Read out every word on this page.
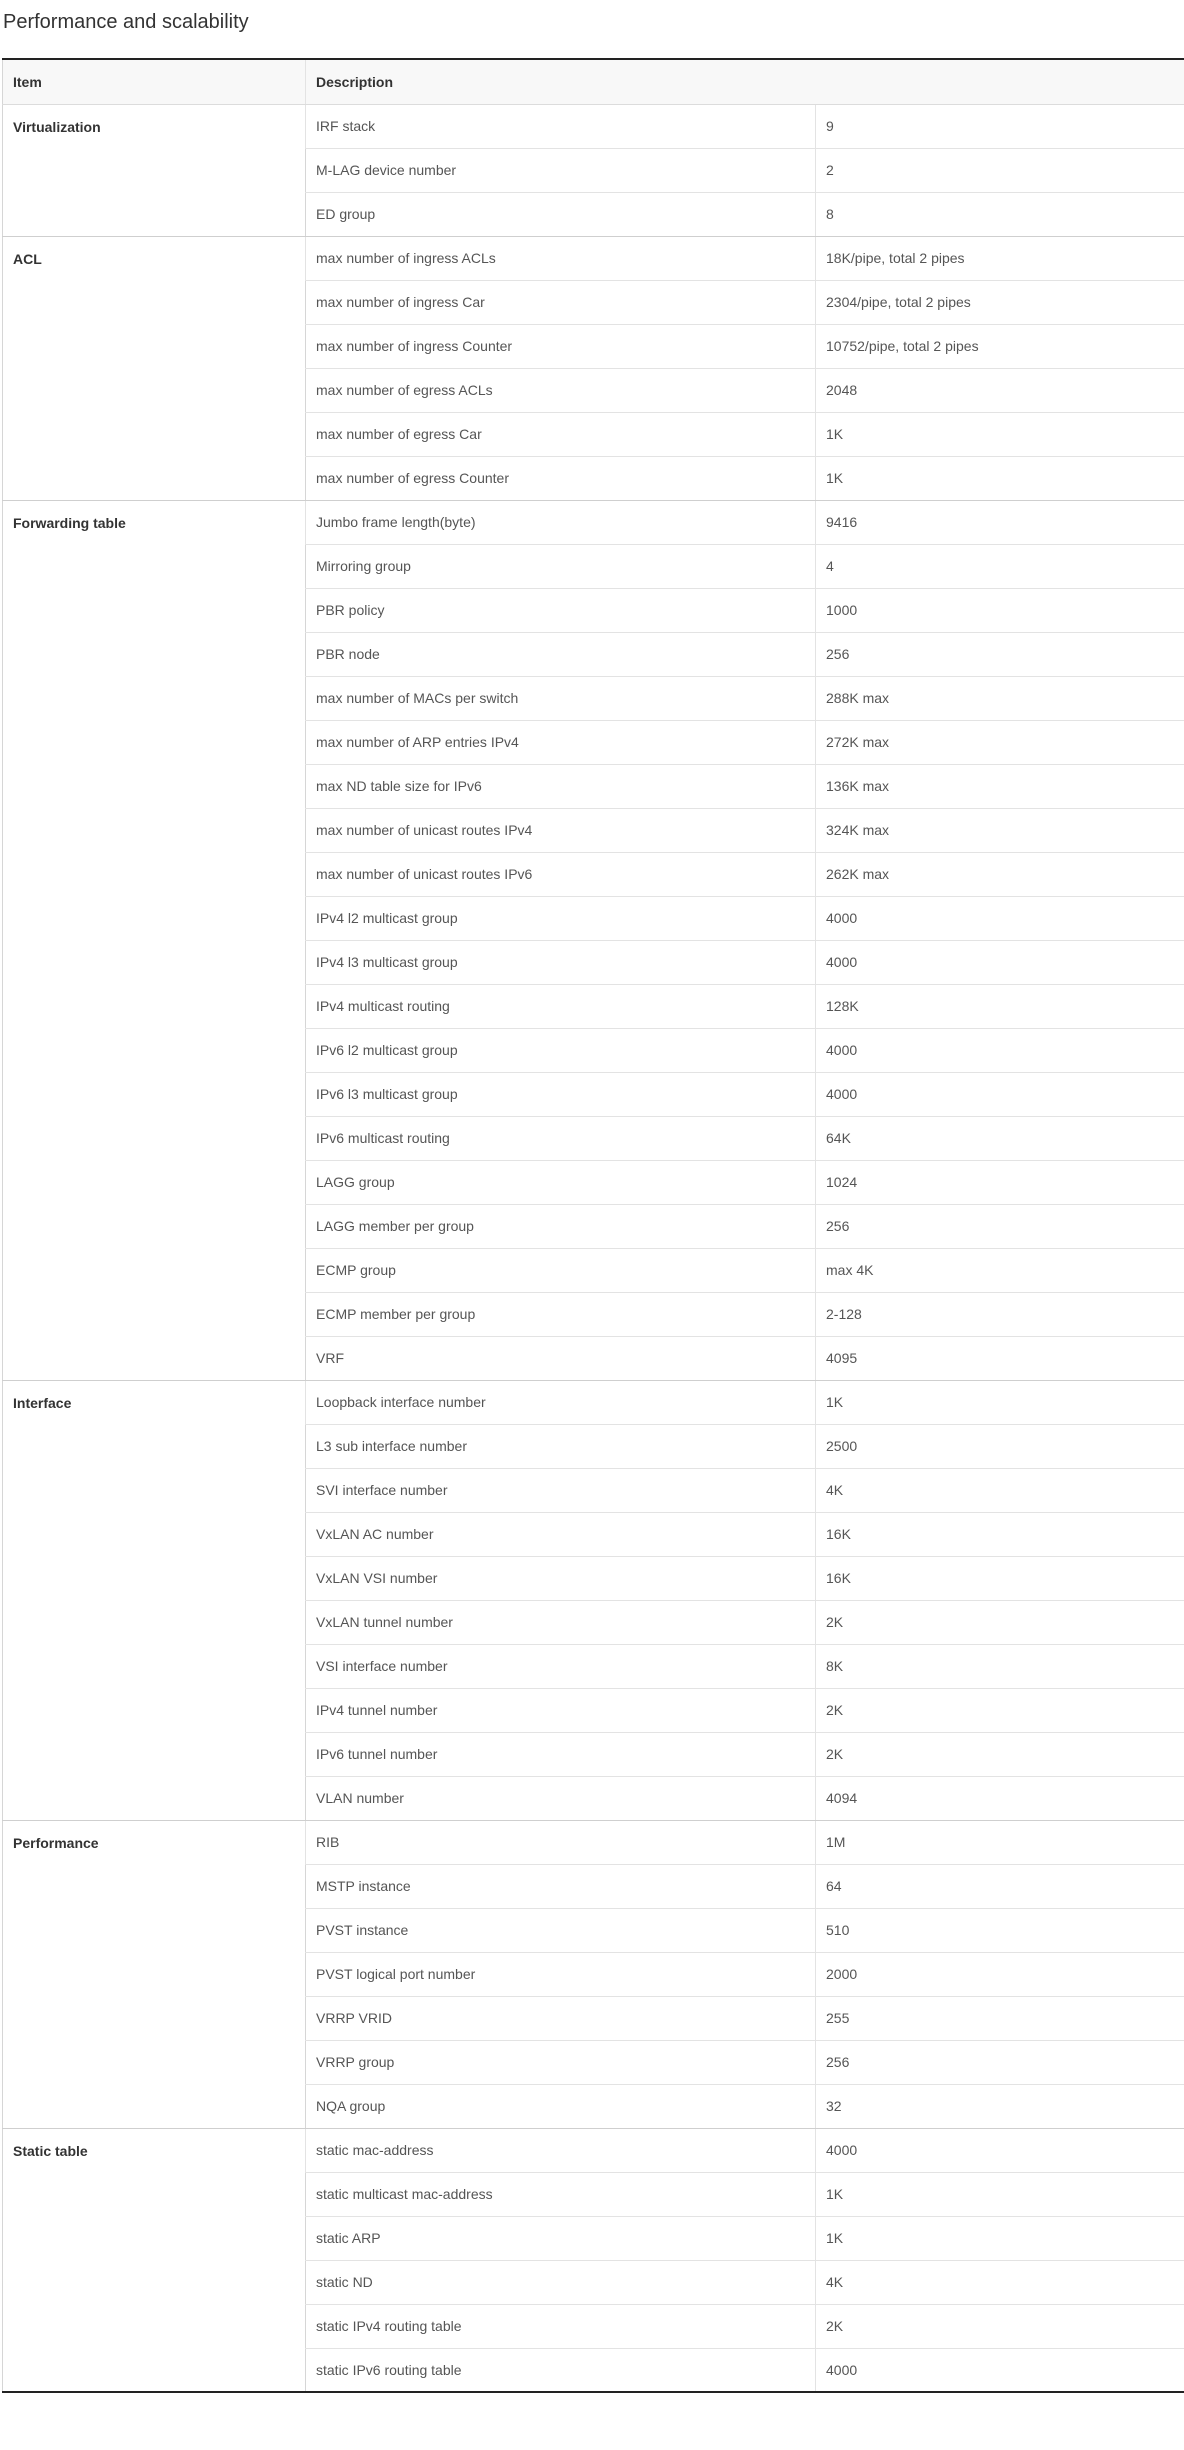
Performance and scalability
Item	Description	
Virtualization	IRF stack	9
	M-LAG device number	2
	ED group	8
ACL	max number of ingress ACLs	18K/pipe, total 2 pipes
	max number of ingress Car	2304/pipe, total 2 pipes
	max number of ingress Counter	10752/pipe, total 2 pipes
	max number of egress ACLs	2048
	max number of egress Car	1K
	max number of egress Counter	1K
Forwarding table	Jumbo frame length(byte)	9416
	Mirroring group	4
	PBR policy	1000
	PBR node	256
	max number of MACs per switch	288K max
	max number of ARP entries IPv4	272K max
	max ND table size for IPv6	136K max
	max number of unicast routes IPv4	324K max
	max number of unicast routes IPv6	262K max
	IPv4 l2 multicast group	4000
	IPv4 l3 multicast group	4000
	IPv4 multicast routing	128K
	IPv6 l2 multicast group	4000
	IPv6 l3 multicast group	4000
	IPv6 multicast routing	64K
	LAGG group	1024
	LAGG member per group	256
	ECMP group	max 4K
	ECMP member per group	2-128
	VRF	4095
Interface	Loopback interface number	1K
	L3 sub interface number	2500
	SVI interface number	4K
	VxLAN AC number	16K
	VxLAN VSI number	16K
	VxLAN tunnel number	2K
	VSI interface number	8K
	IPv4 tunnel number	2K
	IPv6 tunnel number	2K
	VLAN number	4094
Performance	RIB	1M
	MSTP instance	64
	PVST instance	510
	PVST logical port number	2000
	VRRP VRID	255
	VRRP group	256
	NQA group	32
Static table	static mac-address	4000
	static multicast mac-address	1K
	static ARP	1K
	static ND	4K
	static IPv4 routing table	2K
	static IPv6 routing table	4000
